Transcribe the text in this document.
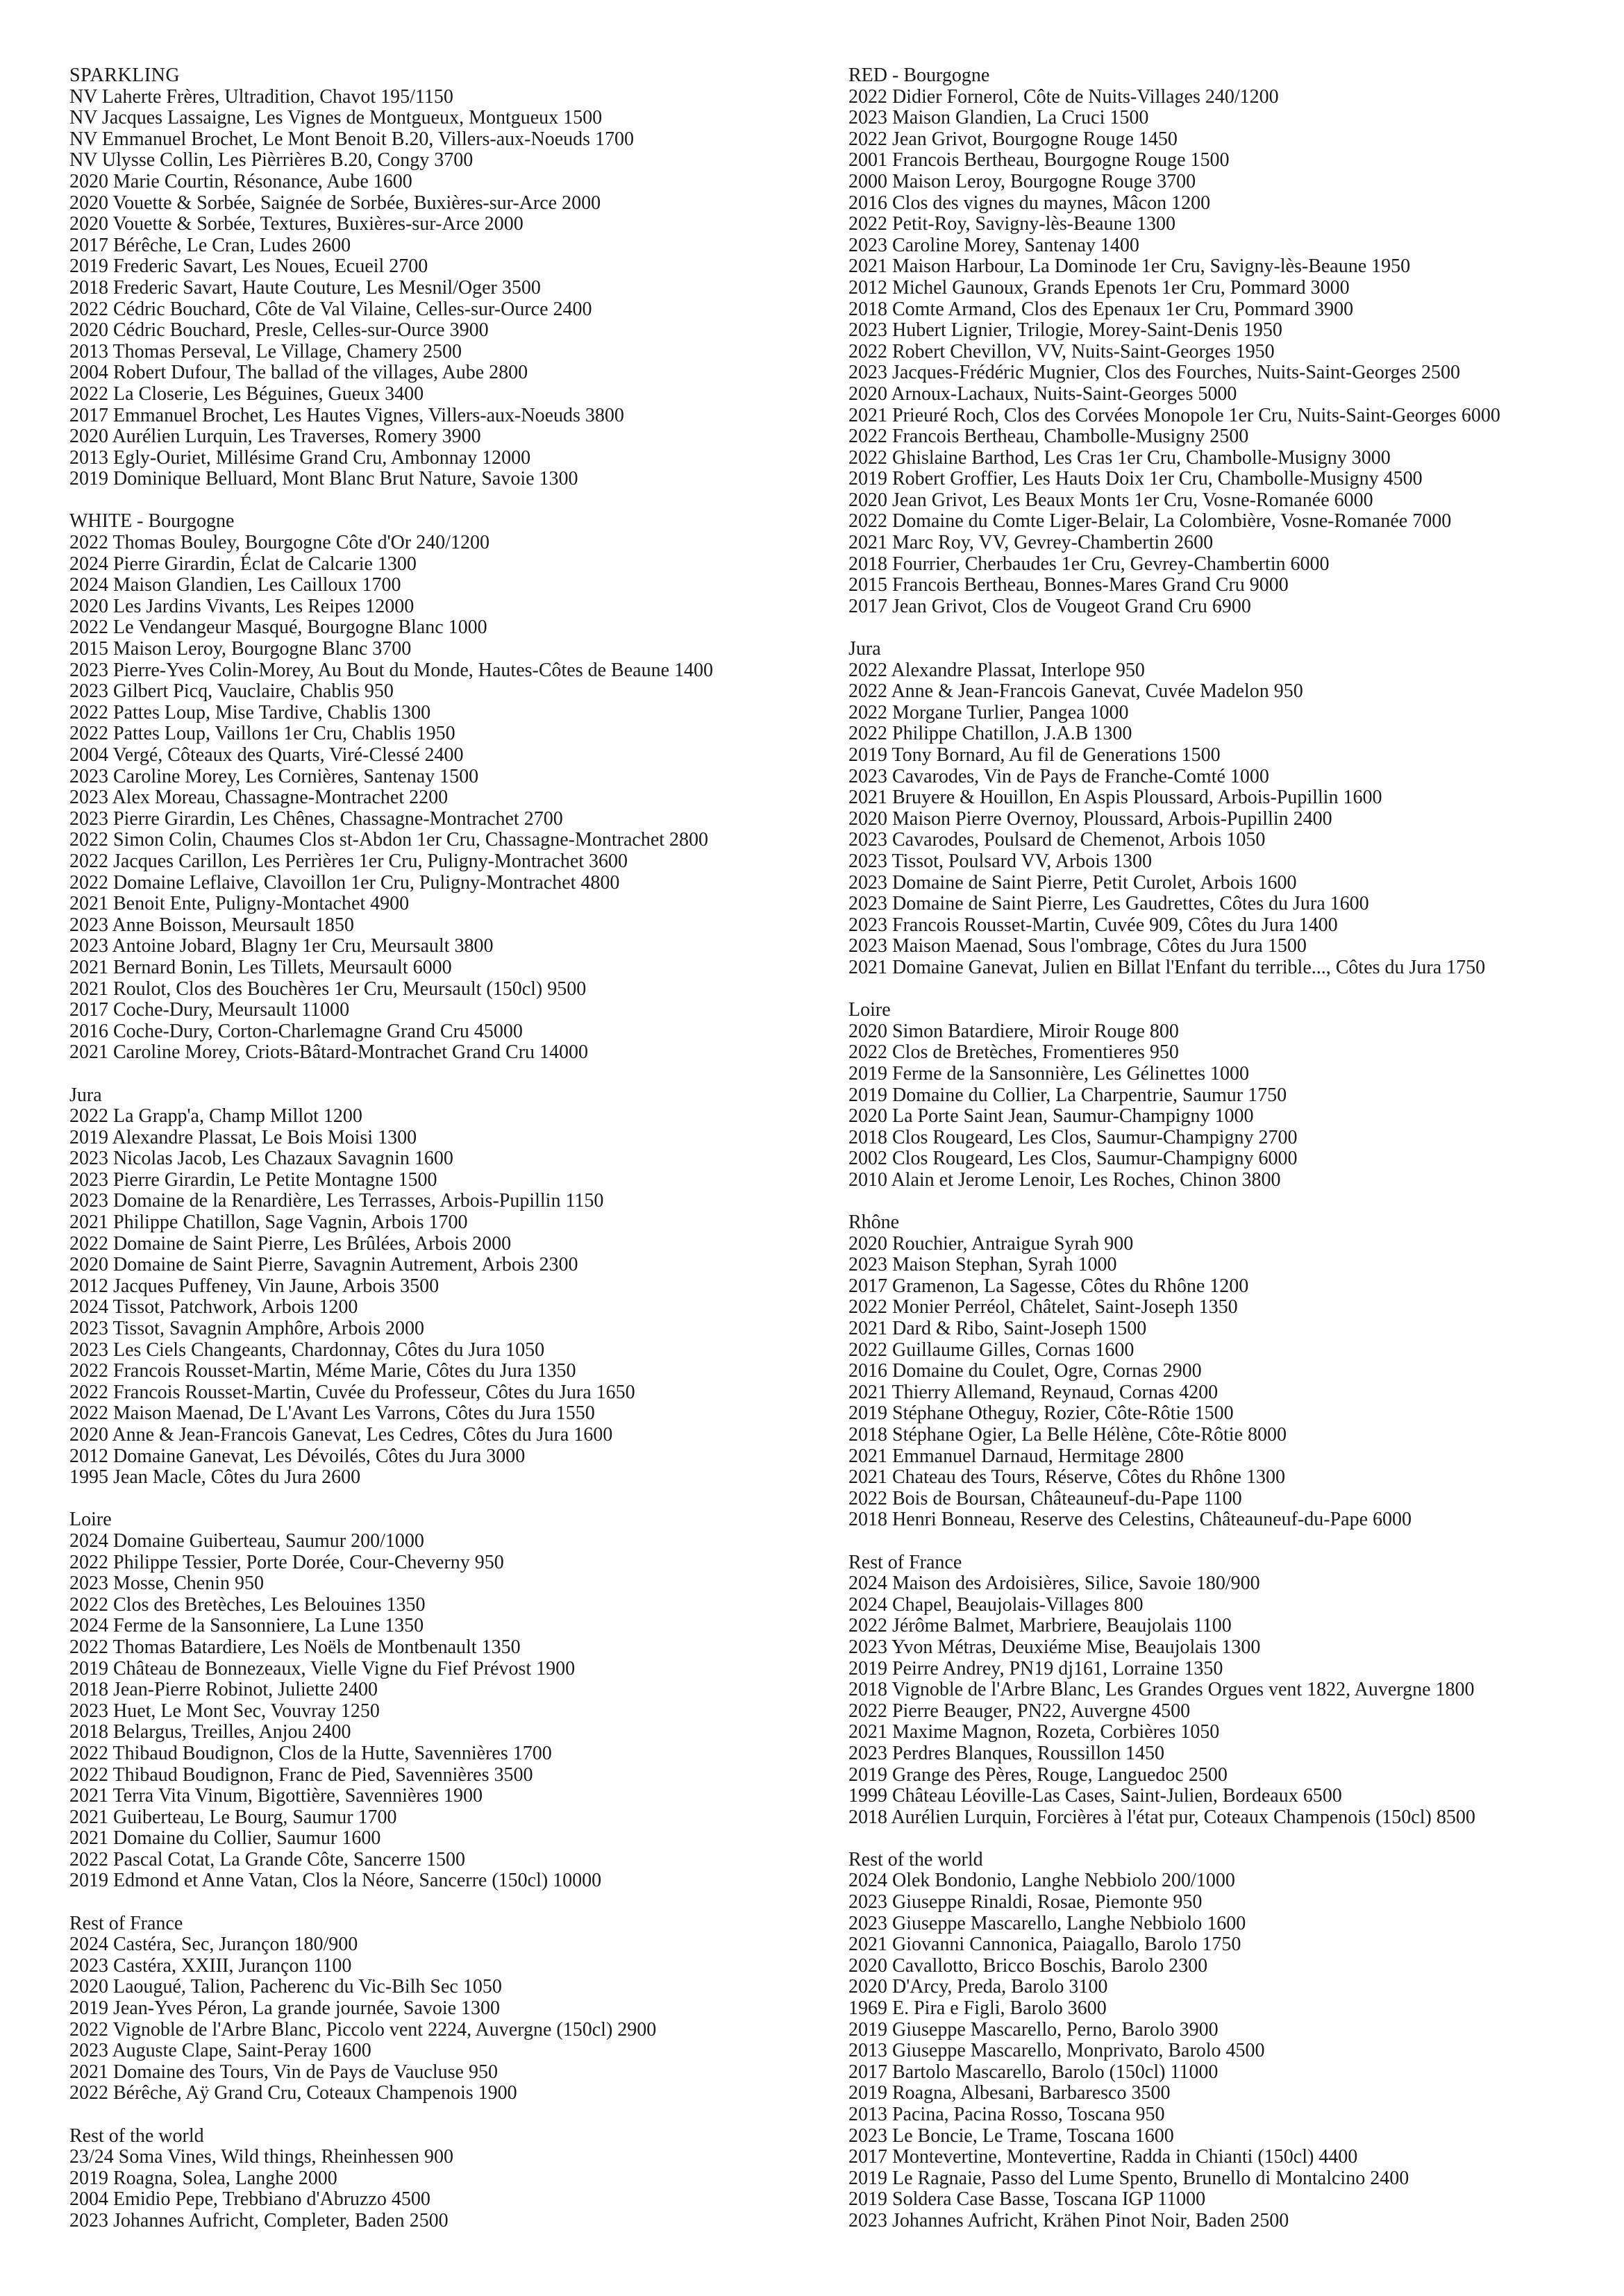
SPARKLING
NV Laherte Frères, Ultradition, Chavot 195/1150
NV Jacques Lassaigne, Les Vignes de Montgueux, Montgueux 1500
NV Emmanuel Brochet, Le Mont Benoit B.20, Villers-aux-Noeuds 1700
NV Ulysse Collin, Les Pièrrières B.20, Congy 3700
2020 Marie Courtin, Résonance, Aube 1600
2020 Vouette & Sorbée, Saignée de Sorbée, Buxières-sur-Arce 2000
2020 Vouette & Sorbée, Textures, Buxières-sur-Arce 2000
2017 Bérêche, Le Cran, Ludes 2600
2019 Frederic Savart, Les Noues, Ecueil 2700
2018 Frederic Savart, Haute Couture, Les Mesnil/Oger 3500
2022 Cédric Bouchard, Côte de Val Vilaine, Celles-sur-Ource 2400
2020 Cédric Bouchard, Presle, Celles-sur-Ource 3900
2013 Thomas Perseval, Le Village, Chamery 2500
2004 Robert Dufour, The ballad of the villages, Aube 2800
2022 La Closerie, Les Béguines, Gueux 3400
2017 Emmanuel Brochet, Les Hautes Vignes, Villers-aux-Noeuds 3800
2020 Aurélien Lurquin, Les Traverses, Romery 3900
2013 Egly-Ouriet, Millésime Grand Cru, Ambonnay 12000
2019 Dominique Belluard, Mont Blanc Brut Nature, Savoie 1300
WHITE - Bourgogne
2022 Thomas Bouley, Bourgogne Côte d'Or 240/1200
2024 Pierre Girardin, Éclat de Calcarie 1300
2024 Maison Glandien, Les Cailloux 1700
2020 Les Jardins Vivants, Les Reipes 12000
2022 Le Vendangeur Masqué, Bourgogne Blanc 1000
2015 Maison Leroy, Bourgogne Blanc 3700
2023 Pierre-Yves Colin-Morey, Au Bout du Monde, Hautes-Côtes de Beaune 1400
2023 Gilbert Picq, Vauclaire, Chablis 950
2022 Pattes Loup, Mise Tardive, Chablis 1300
2022 Pattes Loup, Vaillons 1er Cru, Chablis 1950
2004 Vergé, Côteaux des Quarts, Viré-Clessé 2400
2023 Caroline Morey, Les Cornières, Santenay 1500
2023 Alex Moreau, Chassagne-Montrachet 2200
2023 Pierre Girardin, Les Chênes, Chassagne-Montrachet 2700
2022 Simon Colin, Chaumes Clos st-Abdon 1er Cru, Chassagne-Montrachet 2800
2022 Jacques Carillon, Les Perrières 1er Cru, Puligny-Montrachet 3600
2022 Domaine Leflaive, Clavoillon 1er Cru, Puligny-Montrachet 4800
2021 Benoit Ente, Puligny-Montachet 4900
2023 Anne Boisson, Meursault 1850
2023 Antoine Jobard, Blagny 1er Cru, Meursault 3800
2021 Bernard Bonin, Les Tillets, Meursault 6000
2021 Roulot, Clos des Bouchères 1er Cru, Meursault (150cl) 9500
2017 Coche-Dury, Meursault 11000
2016 Coche-Dury, Corton-Charlemagne Grand Cru 45000
2021 Caroline Morey, Criots-Bâtard-Montrachet Grand Cru 14000
Jura
2022 La Grapp'a, Champ Millot 1200
2019 Alexandre Plassat, Le Bois Moisi 1300
2023 Nicolas Jacob, Les Chazaux Savagnin 1600
2023 Pierre Girardin, Le Petite Montagne 1500
2023 Domaine de la Renardière, Les Terrasses, Arbois-Pupillin 1150
2021 Philippe Chatillon, Sage Vagnin, Arbois 1700
2022 Domaine de Saint Pierre, Les Brûlées, Arbois 2000
2020 Domaine de Saint Pierre, Savagnin Autrement, Arbois 2300
2012 Jacques Puffeney, Vin Jaune, Arbois 3500
2024 Tissot, Patchwork, Arbois 1200
2023 Tissot, Savagnin Amphôre, Arbois 2000
2023 Les Ciels Changeants, Chardonnay, Côtes du Jura 1050
2022 Francois Rousset-Martin, Méme Marie, Côtes du Jura 1350
2022 Francois Rousset-Martin, Cuvée du Professeur, Côtes du Jura 1650
2022 Maison Maenad, De L'Avant Les Varrons, Côtes du Jura 1550
2020 Anne & Jean-Francois Ganevat, Les Cedres, Côtes du Jura 1600
2012 Domaine Ganevat, Les Dévoilés, Côtes du Jura 3000
1995 Jean Macle, Côtes du Jura 2600
Loire
2024 Domaine Guiberteau, Saumur 200/1000
2022 Philippe Tessier, Porte Dorée, Cour-Cheverny 950
2023 Mosse, Chenin 950
2022 Clos des Bretèches, Les Belouines 1350
2024 Ferme de la Sansonniere, La Lune 1350
2022 Thomas Batardiere, Les Noëls de Montbenault 1350
2019 Château de Bonnezeaux, Vielle Vigne du Fief Prévost 1900
2018 Jean-Pierre Robinot, Juliette 2400
2023 Huet, Le Mont Sec, Vouvray 1250
2018 Belargus, Treilles, Anjou 2400
2022 Thibaud Boudignon, Clos de la Hutte, Savennières 1700
2022 Thibaud Boudignon, Franc de Pied, Savennières 3500
2021 Terra Vita Vinum, Bigottière, Savennières 1900
2021 Guiberteau, Le Bourg, Saumur 1700
2021 Domaine du Collier, Saumur 1600
2022 Pascal Cotat, La Grande Côte, Sancerre 1500
2019 Edmond et Anne Vatan, Clos la Néore, Sancerre (150cl) 10000
Rest of France
2024 Castéra, Sec, Jurançon 180/900
2023 Castéra, XXIII, Jurançon 1100
2020 Laougué, Talion, Pacherenc du Vic-Bilh Sec 1050
2019 Jean-Yves Péron, La grande journée, Savoie 1300
2022 Vignoble de l'Arbre Blanc, Piccolo vent 2224, Auvergne (150cl) 2900
2023 Auguste Clape, Saint-Peray 1600
2021 Domaine des Tours, Vin de Pays de Vaucluse 950
2022 Bérêche, Aÿ Grand Cru, Coteaux Champenois 1900
Rest of the world
23/24 Soma Vines, Wild things, Rheinhessen 900
2019 Roagna, Solea, Langhe 2000
2004 Emidio Pepe, Trebbiano d'Abruzzo 4500
2023 Johannes Aufricht, Completer, Baden 2500
RED - Bourgogne
2022 Didier Fornerol, Côte de Nuits-Villages 240/1200
2023 Maison Glandien, La Cruci 1500
2022 Jean Grivot, Bourgogne Rouge 1450
2001 Francois Bertheau, Bourgogne Rouge 1500
2000 Maison Leroy, Bourgogne Rouge 3700
2016 Clos des vignes du maynes, Mâcon 1200
2022 Petit-Roy, Savigny-lès-Beaune 1300
2023 Caroline Morey, Santenay 1400
2021 Maison Harbour, La Dominode 1er Cru, Savigny-lès-Beaune 1950
2012 Michel Gaunoux, Grands Epenots 1er Cru, Pommard 3000
2018 Comte Armand, Clos des Epenaux 1er Cru, Pommard 3900
2023 Hubert Lignier, Trilogie, Morey-Saint-Denis 1950
2022 Robert Chevillon, VV, Nuits-Saint-Georges 1950
2023 Jacques-Frédéric Mugnier, Clos des Fourches, Nuits-Saint-Georges 2500
2020 Arnoux-Lachaux, Nuits-Saint-Georges 5000
2021 Prieuré Roch, Clos des Corvées Monopole 1er Cru, Nuits-Saint-Georges 6000
2022 Francois Bertheau, Chambolle-Musigny 2500
2022 Ghislaine Barthod, Les Cras 1er Cru, Chambolle-Musigny 3000
2019 Robert Groffier, Les Hauts Doix 1er Cru, Chambolle-Musigny 4500
2020 Jean Grivot, Les Beaux Monts 1er Cru, Vosne-Romanée 6000
2022 Domaine du Comte Liger-Belair, La Colombière, Vosne-Romanée 7000
2021 Marc Roy, VV, Gevrey-Chambertin 2600
2018 Fourrier, Cherbaudes 1er Cru, Gevrey-Chambertin 6000
2015 Francois Bertheau, Bonnes-Mares Grand Cru 9000
2017 Jean Grivot, Clos de Vougeot Grand Cru 6900
Jura
2022 Alexandre Plassat, Interlope 950
2022 Anne & Jean-Francois Ganevat, Cuvée Madelon 950
2022 Morgane Turlier, Pangea 1000
2022 Philippe Chatillon, J.A.B 1300
2019 Tony Bornard, Au fil de Generations 1500
2023 Cavarodes, Vin de Pays de Franche-Comté 1000
2021 Bruyere & Houillon, En Aspis Ploussard, Arbois-Pupillin 1600
2020 Maison Pierre Overnoy, Ploussard, Arbois-Pupillin 2400
2023 Cavarodes, Poulsard de Chemenot, Arbois 1050
2023 Tissot, Poulsard VV, Arbois 1300
2023 Domaine de Saint Pierre, Petit Curolet, Arbois 1600
2023 Domaine de Saint Pierre, Les Gaudrettes, Côtes du Jura 1600
2023 Francois Rousset-Martin, Cuvée 909, Côtes du Jura 1400
2023 Maison Maenad, Sous l'ombrage, Côtes du Jura 1500
2021 Domaine Ganevat, Julien en Billat l'Enfant du terrible..., Côtes du Jura 1750
Loire
2020 Simon Batardiere, Miroir Rouge 800
2022 Clos de Bretèches, Fromentieres 950
2019 Ferme de la Sansonnière, Les Gélinettes 1000
2019 Domaine du Collier, La Charpentrie, Saumur 1750
2020 La Porte Saint Jean, Saumur-Champigny 1000
2018 Clos Rougeard, Les Clos, Saumur-Champigny 2700
2002 Clos Rougeard, Les Clos, Saumur-Champigny 6000
2010 Alain et Jerome Lenoir, Les Roches, Chinon 3800
Rhône
2020 Rouchier, Antraigue Syrah 900
2023 Maison Stephan, Syrah 1000
2017 Gramenon, La Sagesse, Côtes du Rhône 1200
2022 Monier Perréol, Châtelet, Saint-Joseph 1350
2021 Dard & Ribo, Saint-Joseph 1500
2022 Guillaume Gilles, Cornas 1600
2016 Domaine du Coulet, Ogre, Cornas 2900
2021 Thierry Allemand, Reynaud, Cornas 4200
2019 Stéphane Otheguy, Rozier, Côte-Rôtie 1500
2018 Stéphane Ogier, La Belle Hélène, Côte-Rôtie 8000
2021 Emmanuel Darnaud, Hermitage 2800
2021 Chateau des Tours, Réserve, Côtes du Rhône 1300
2022 Bois de Boursan, Châteauneuf-du-Pape 1100
2018 Henri Bonneau, Reserve des Celestins, Châteauneuf-du-Pape 6000
Rest of France
2024 Maison des Ardoisières, Silice, Savoie 180/900
2024 Chapel, Beaujolais-Villages 800
2022 Jérôme Balmet, Marbriere, Beaujolais 1100
2023 Yvon Métras, Deuxiéme Mise, Beaujolais 1300
2019 Peirre Andrey, PN19 dj161, Lorraine 1350
2018 Vignoble de l'Arbre Blanc, Les Grandes Orgues vent 1822, Auvergne 1800
2022 Pierre Beauger, PN22, Auvergne 4500
2021 Maxime Magnon, Rozeta, Corbières 1050
2023 Perdres Blanques, Roussillon 1450
2019 Grange des Pères, Rouge, Languedoc 2500
1999 Château Léoville-Las Cases, Saint-Julien, Bordeaux 6500
2018 Aurélien Lurquin, Forcières à l'état pur, Coteaux Champenois (150cl) 8500
Rest of the world
2024 Olek Bondonio, Langhe Nebbiolo 200/1000
2023 Giuseppe Rinaldi, Rosae, Piemonte 950
2023 Giuseppe Mascarello, Langhe Nebbiolo 1600
2021 Giovanni Cannonica, Paiagallo, Barolo 1750
2020 Cavallotto, Bricco Boschis, Barolo 2300
2020 D'Arcy, Preda, Barolo 3100
1969 E. Pira e Figli, Barolo 3600
2019 Giuseppe Mascarello, Perno, Barolo 3900
2013 Giuseppe Mascarello, Monprivato, Barolo 4500
2017 Bartolo Mascarello, Barolo (150cl) 11000
2019 Roagna, Albesani, Barbaresco 3500
2013 Pacina, Pacina Rosso, Toscana 950
2023 Le Boncie, Le Trame, Toscana 1600
2017 Montevertine, Montevertine, Radda in Chianti (150cl) 4400
2019 Le Ragnaie, Passo del Lume Spento, Brunello di Montalcino 2400
2019 Soldera Case Basse, Toscana IGP 11000
2023 Johannes Aufricht, Krähen Pinot Noir, Baden 2500
